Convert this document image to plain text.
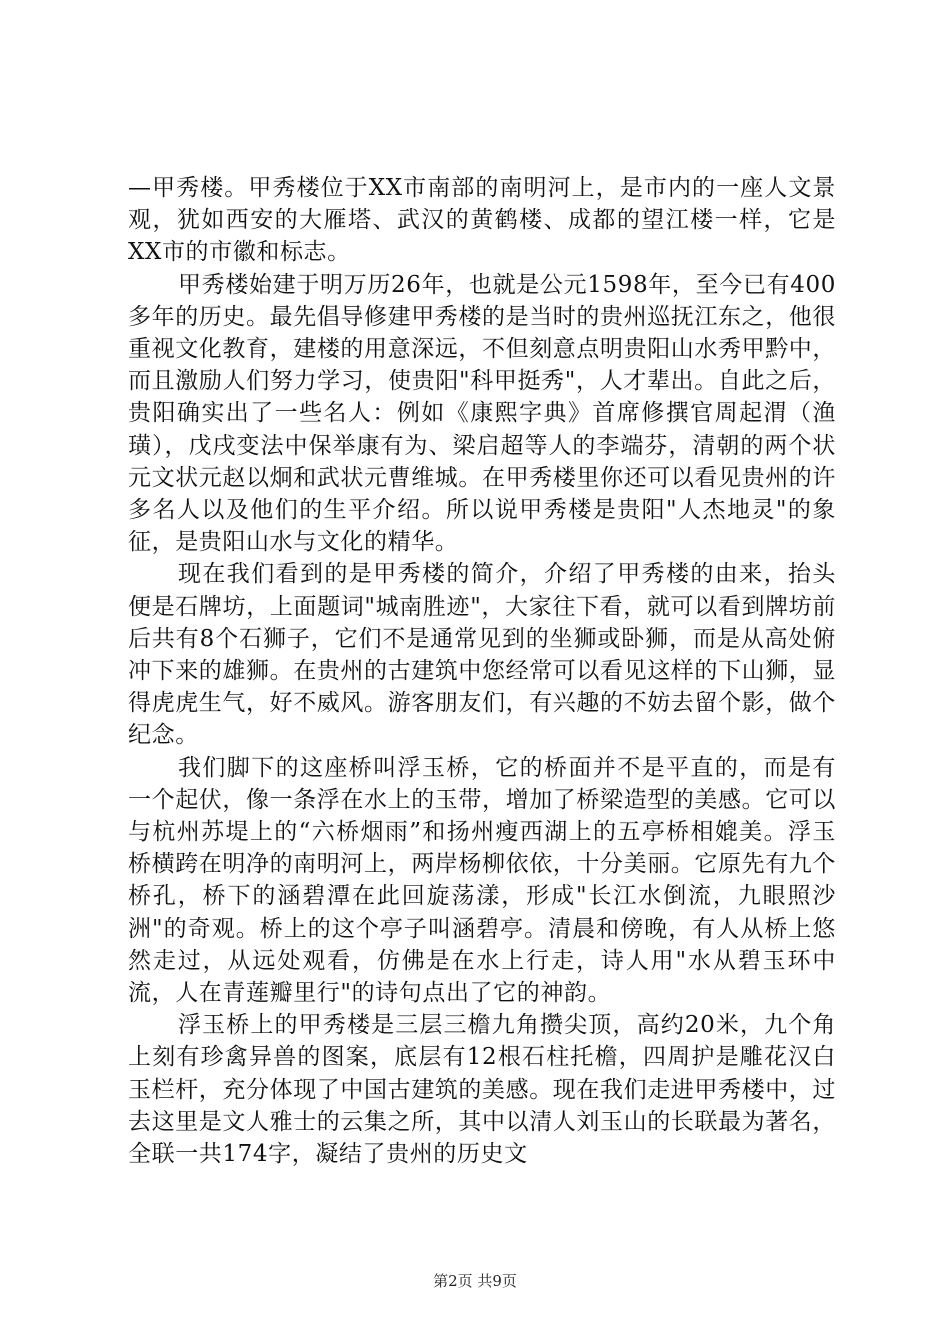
—甲秀楼。甲秀楼位于XX市南部的南明河上，是市内的一座人文景观，犹如西安的大雁塔、武汉的黄鹤楼、成都的望江楼一样，它是XX市的市徽和标志。

甲秀楼始建于明万历26年，也就是公元1598年，至今已有400多年的历史。最先倡导修建甲秀楼的是当时的贵州巡抚江东之，他很重视文化教育，建楼的用意深远，不但刻意点明贵阳山水秀甲黔中，而且激励人们努力学习，使贵阳"科甲挺秀"，人才辈出。自此之后，贵阳确实出了一些名人：例如《康熙字典》首席修撰官周起渭（渔璜），戊戌变法中保举康有为、梁启超等人的李端芬，清朝的两个状元文状元赵以炯和武状元曹维城。在甲秀楼里你还可以看见贵州的许多名人以及他们的生平介绍。所以说甲秀楼是贵阳"人杰地灵"的象征，是贵阳山水与文化的精华。

现在我们看到的是甲秀楼的简介，介绍了甲秀楼的由来，抬头便是石牌坊，上面题词"城南胜迹"，大家往下看，就可以看到牌坊前后共有8个石狮子，它们不是通常见到的坐狮或卧狮，而是从高处俯冲下来的雄狮。在贵州的古建筑中您经常可以看见这样的下山狮，显得虎虎生气，好不威风。游客朋友们，有兴趣的不妨去留个影，做个纪念。

我们脚下的这座桥叫浮玉桥，它的桥面并不是平直的，而是有一个起伏，像一条浮在水上的玉带，增加了桥梁造型的美感。它可以与杭州苏堤上的“六桥烟雨”和扬州瘦西湖上的五亭桥相媲美。浮玉桥横跨在明净的南明河上，两岸杨柳依依，十分美丽。它原先有九个桥孔，桥下的涵碧潭在此回旋荡漾，形成"长江水倒流，九眼照沙洲"的奇观。桥上的这个亭子叫涵碧亭。清晨和傍晚，有人从桥上悠然走过，从远处观看，仿佛是在水上行走，诗人用"水从碧玉环中流，人在青莲瓣里行"的诗句点出了它的神韵。

浮玉桥上的甲秀楼是三层三檐九角攒尖顶，高约20米，九个角上刻有珍禽异兽的图案，底层有12根石柱托檐，四周护是雕花汉白玉栏杆，充分体现了中国古建筑的美感。现在我们走进甲秀楼中，过去这里是文人雅士的云集之所，其中以清人刘玉山的长联最为著名，全联一共174字，凝结了贵州的历史文

第2页 共9页
